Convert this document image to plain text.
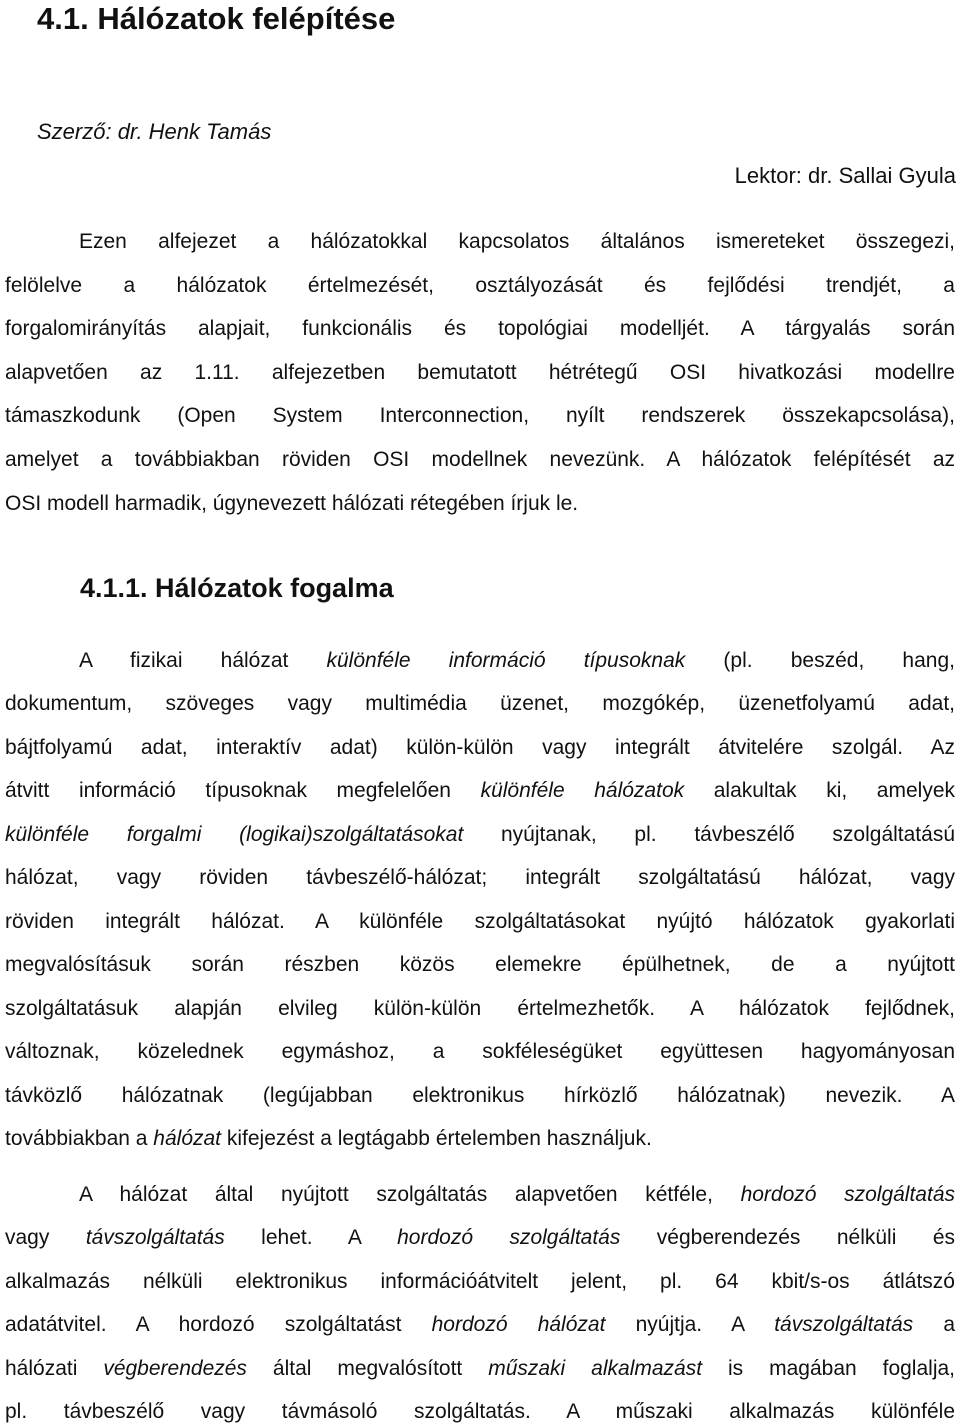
4.1. Hálózatok felépítése
Szerző: dr. Henk Tamás
Lektor: dr. Sallai Gyula
4.1.1. Hálózatok fogalma
Ezen alfejezet a hálózatokkal kapcsolatos általános ismereteket összegezi,
felölelve a hálózatok értelmezését, osztályozását és fejlődési trendjét, a
forgalomirányítás alapjait, funkcionális és topológiai modelljét. A tárgyalás során
alapvetően az 1.11. alfejezetben bemutatott hétrétegű OSI hivatkozási modellre
támaszkodunk (Open System Interconnection, nyílt rendszerek összekapcsolása),
amelyet a továbbiakban röviden OSI modellnek nevezünk. A hálózatok felépítését az
OSI modell harmadik, úgynevezett hálózati rétegében írjuk le.
A fizikai hálózat különféle információ típusoknak (pl. beszéd, hang,
dokumentum, szöveges vagy multimédia üzenet, mozgókép, üzenetfolyamú adat,
bájtfolyamú adat, interaktív adat) külön-külön vagy integrált átvitelére szolgál. Az
átvitt információ típusoknak megfelelően különféle hálózatok alakultak ki, amelyek
különféle forgalmi (logikai)szolgáltatásokat nyújtanak, pl. távbeszélő szolgáltatású
hálózat, vagy röviden távbeszélő-hálózat; integrált szolgáltatású hálózat, vagy
röviden integrált hálózat. A különféle szolgáltatásokat nyújtó hálózatok gyakorlati
megvalósításuk során részben közös elemekre épülhetnek, de a nyújtott
szolgáltatásuk alapján elvileg külön-külön értelmezhetők. A hálózatok fejlődnek,
változnak, közelednek egymáshoz, a sokféleségüket együttesen hagyományosan
távközlő hálózatnak (legújabban elektronikus hírközlő hálózatnak) nevezik. A
továbbiakban a hálózat kifejezést a legtágabb értelemben használjuk.
A hálózat által nyújtott szolgáltatás alapvetően kétféle, hordozó szolgáltatás
vagy távszolgáltatás lehet. A hordozó szolgáltatás végberendezés nélküli és
alkalmazás nélküli elektronikus információátvitelt jelent, pl. 64 kbit/s-os átlátszó
adatátvitel. A hordozó szolgáltatást hordozó hálózat nyújtja. A távszolgáltatás a
hálózati végberendezés által megvalósított műszaki alkalmazást is magában foglalja,
pl. távbeszélő vagy távmásoló szolgáltatás. A műszaki alkalmazás különféle
